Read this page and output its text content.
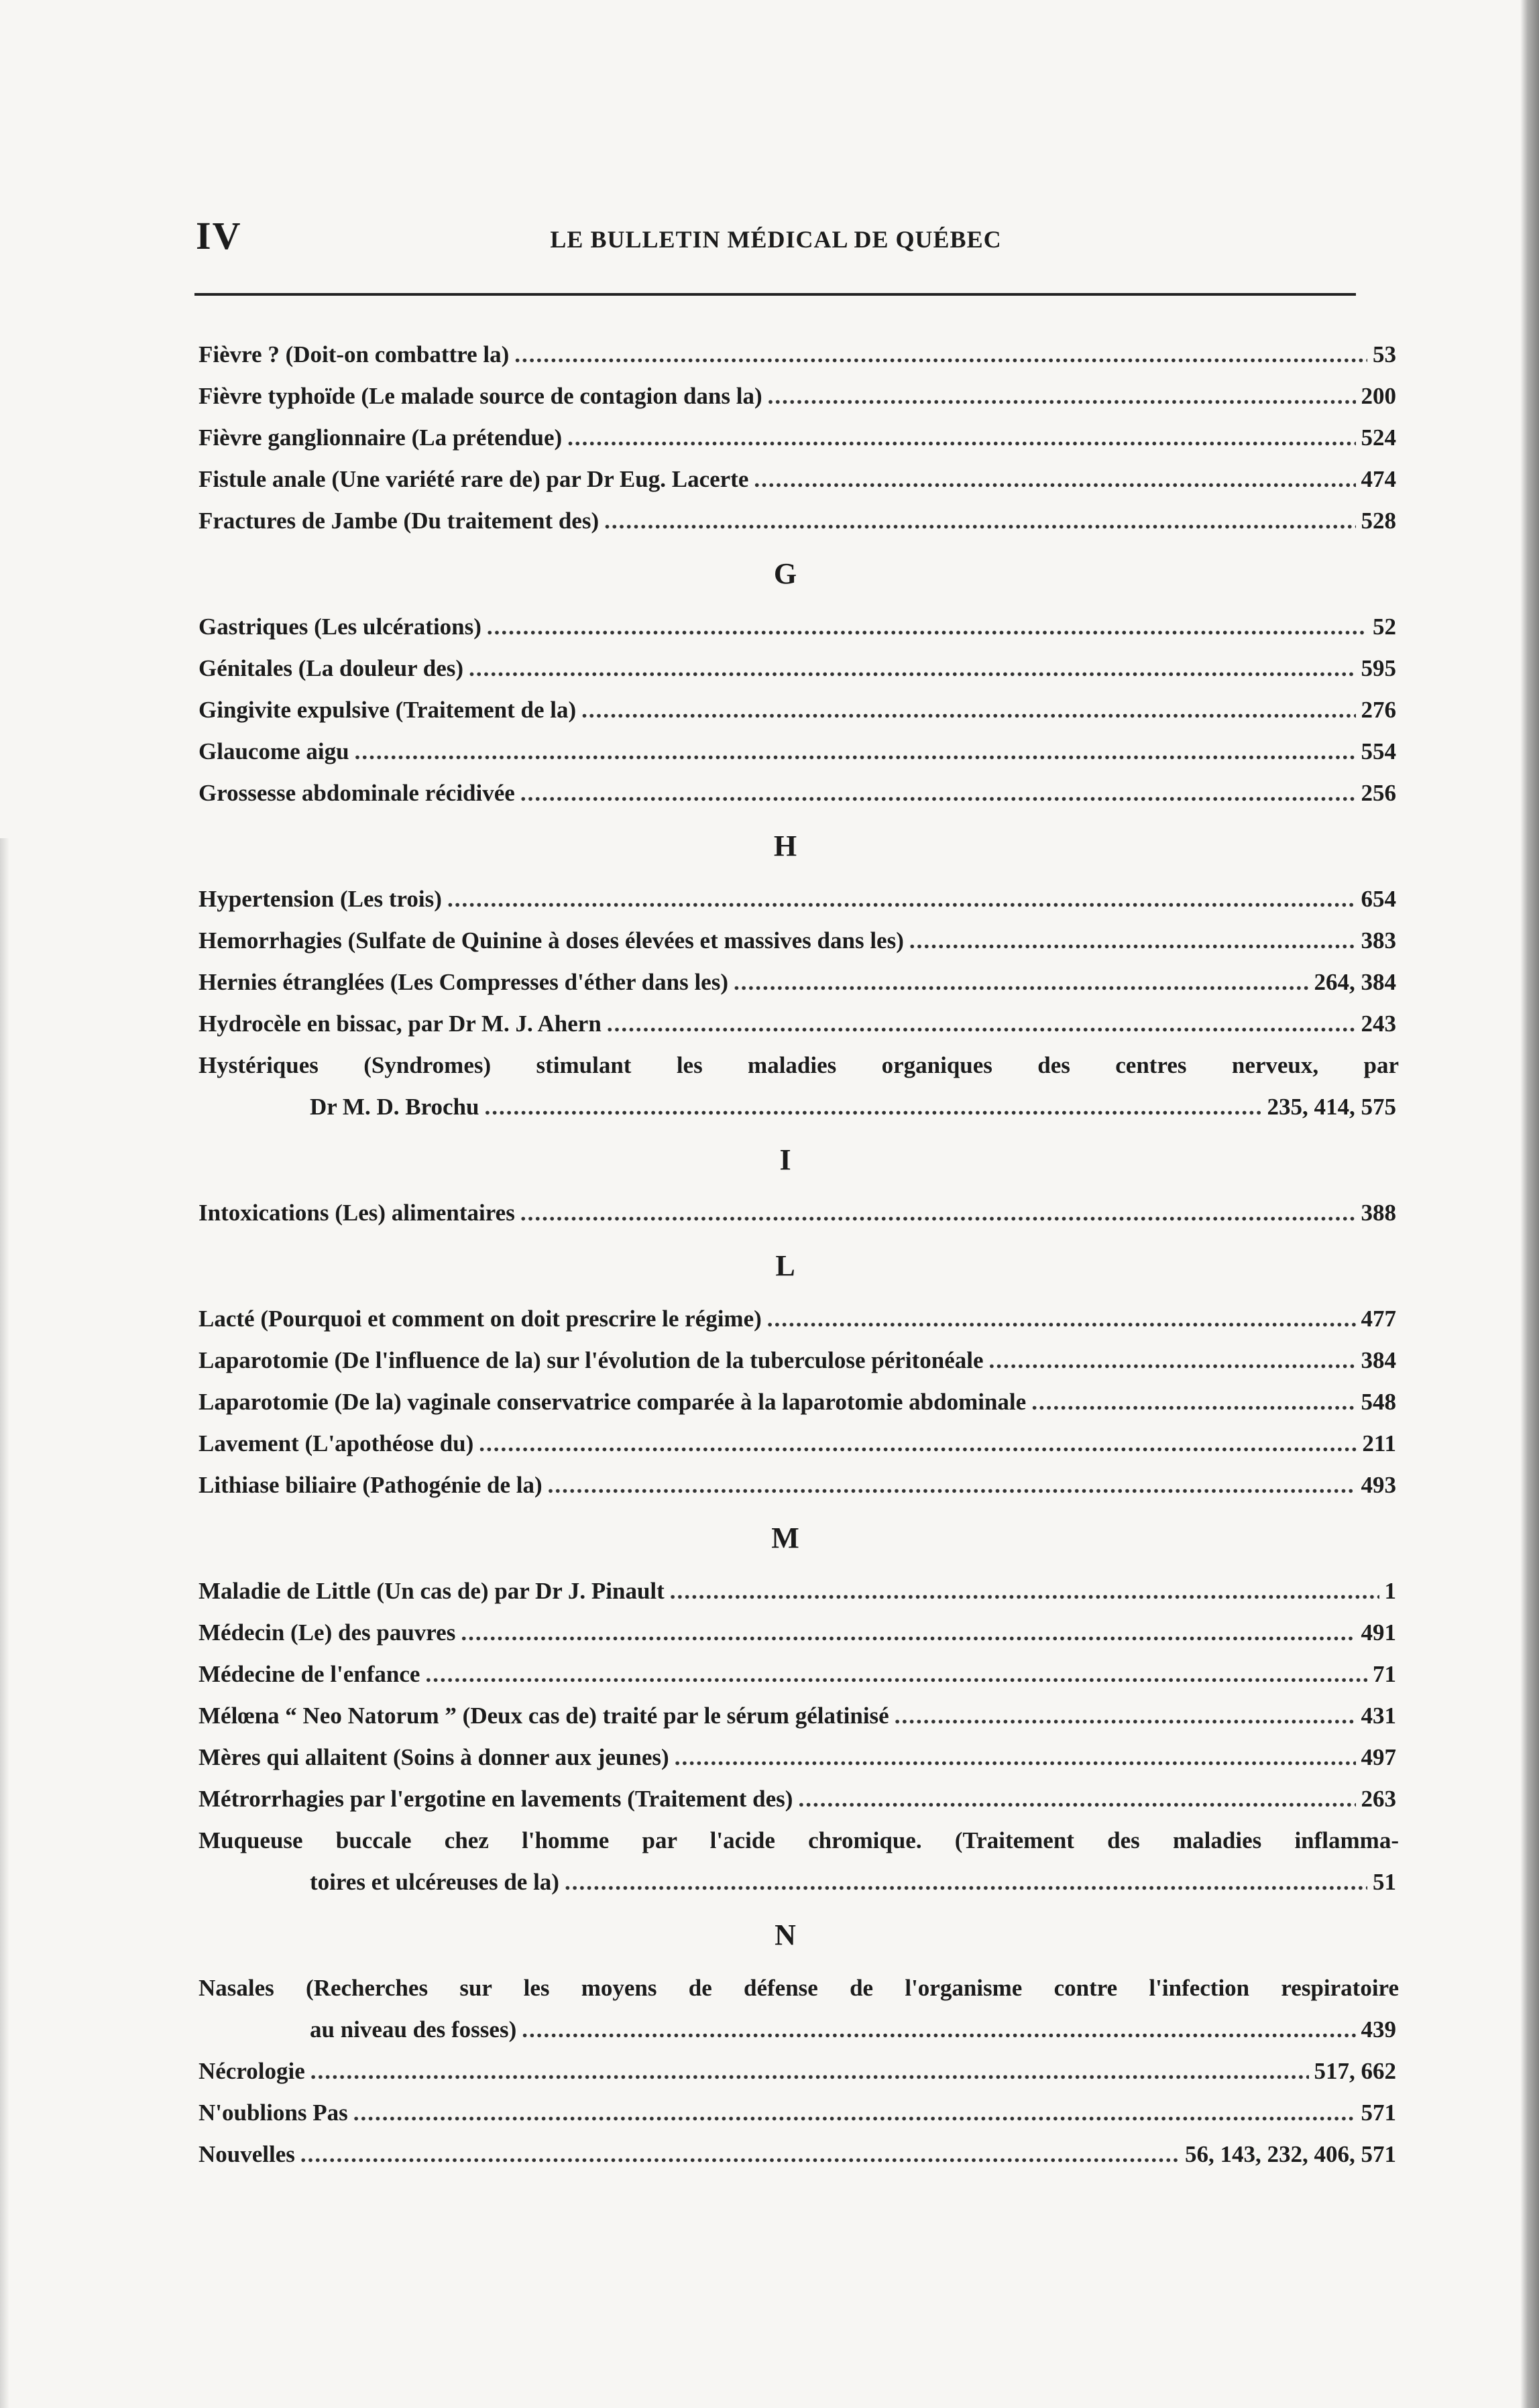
IV	LE BULLETIN MÉDICAL DE QUÉBEC
Fièvre ? (Doit-on combattre la) .....	53
Fièvre typhoïde (Le malade source de contagion dans la) .....	200
Fièvre ganglionnaire (La prétendue) .....	524
Fistule anale (Une variété rare de) par Dr Eug. Lacerte .....	474
Fractures de Jambe (Du traitement des) .....	528
G
Gastriques (Les ulcérations) .....	52
Génitales (La douleur des) .....	595
Gingivite expulsive (Traitement de la) .....	276
Glaucome aigu .....	554
Grossesse abdominale récidivée .....	256
H
Hypertension (Les trois) .....	654
Hemorrhagies (Sulfate de Quinine à doses élevées et massives dans les) .....	383
Hernies étranglées (Les Compresses d'éther dans les) .....	264, 384
Hydrocèle en bissac, par Dr M. J. Ahern .....	243
Hystériques (Syndromes) stimulant les maladies organiques des centres nerveux, par
Dr M. D. Brochu .....	235, 414, 575
I
Intoxications (Les) alimentaires .....	388
L
Lacté (Pourquoi et comment on doit prescrire le régime) .....	477
Laparotomie (De l'influence de la) sur l'évolution de la tuberculose péritonéale .....	384
Laparotomie (De la) vaginale conservatrice comparée à la laparotomie abdominale .....	548
Lavement (L'apothéose du) .....	211
Lithiase biliaire (Pathogénie de la) .....	493
M
Maladie de Little (Un cas de) par Dr J. Pinault .....	1
Médecin (Le) des pauvres .....	491
Médecine de l'enfance .....	71
Mélœna “ Neo Natorum ” (Deux cas de) traité par le sérum gélatinisé .....	431
Mères qui allaitent (Soins à donner aux jeunes) .....	497
Métrorrhagies par l'ergotine en lavements (Traitement des) .....	263
Muqueuse buccale chez l'homme par l'acide chromique. (Traitement des maladies inflamma-
toires et ulcéreuses de la) .....	51
N
Nasales (Recherches sur les moyens de défense de l'organisme contre l'infection respiratoire
au niveau des fosses) .....	439
Nécrologie .....	517, 662
N'oublions Pas .....	571
Nouvelles .....	56, 143, 232, 406, 571
